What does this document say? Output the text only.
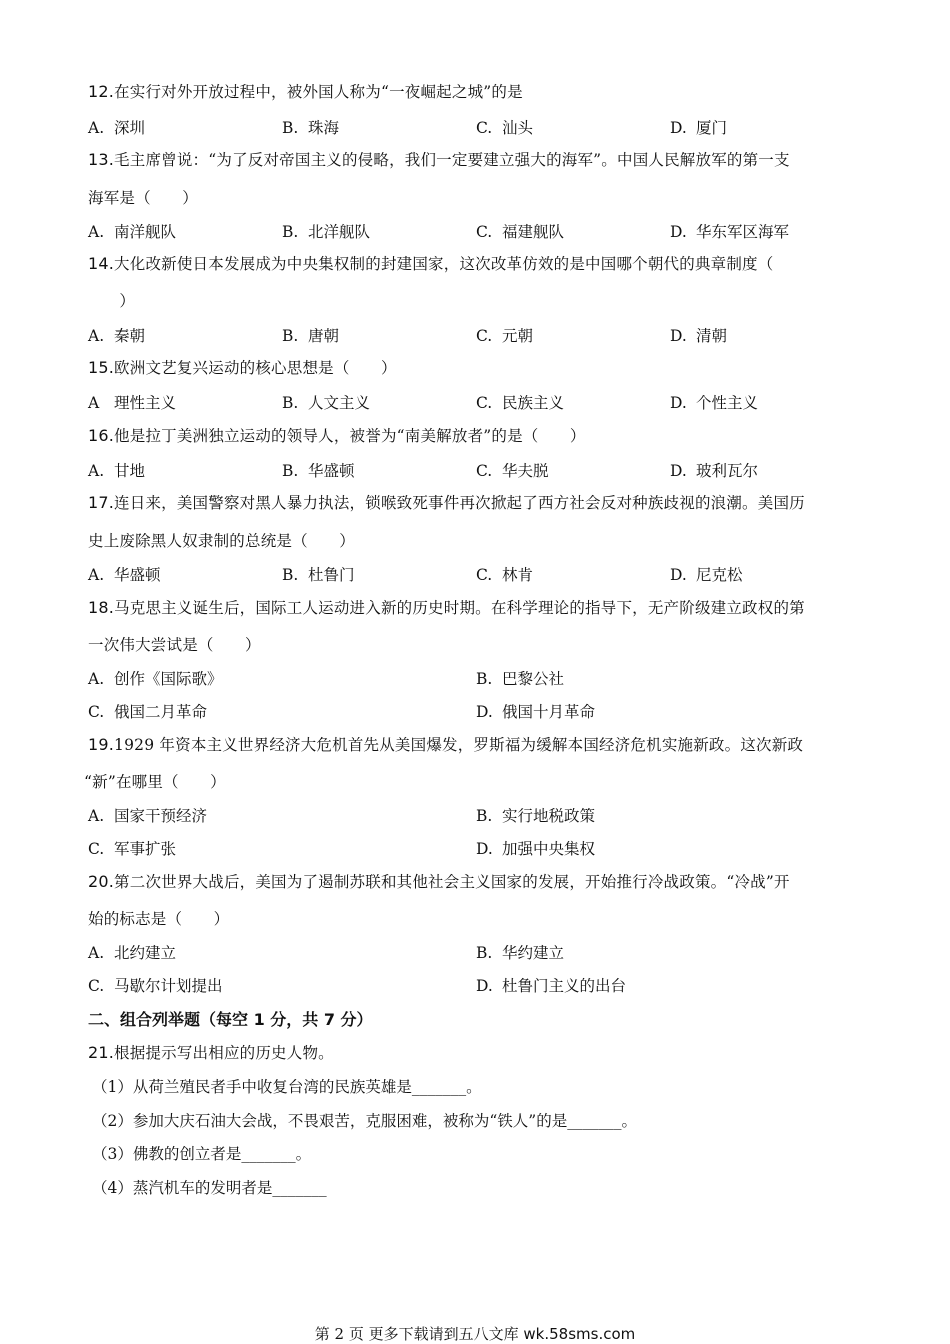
12.在实行对外开放过程中，被外国人称为“一夜崛起之城”的是
A. 深圳	B. 珠海	C. 汕头	D. 厦门
13.毛主席曾说：“为了反对帝国主义的侵略，我们一定要建立强大的海军”。中国人民解放军的第一支
海军是（　　）
A. 南洋舰队	B. 北洋舰队	C. 福建舰队	D. 华东军区海军
14.大化改新使日本发展成为中央集权制的封建国家，这次改革仿效的是中国哪个朝代的典章制度（
　　）
A. 秦朝	B. 唐朝	C. 元朝	D. 清朝
15.欧洲文艺复兴运动的核心思想是（　　）
A 理性主义	B. 人文主义	C. 民族主义	D. 个性主义
16.他是拉丁美洲独立运动的领导人，被誉为“南美解放者”的是（　　）
A. 甘地	B. 华盛顿	C. 华夫脱	D. 玻利瓦尔
17.连日来，美国警察对黑人暴力执法，锁喉致死事件再次掀起了西方社会反对种族歧视的浪潮。美国历
史上废除黑人奴隶制的总统是（　　）
A. 华盛顿	B. 杜鲁门	C. 林肯	D. 尼克松
18.马克思主义诞生后，国际工人运动进入新的历史时期。在科学理论的指导下，无产阶级建立政权的第
一次伟大尝试是（　　）
A. 创作《国际歌》	B. 巴黎公社
C. 俄国二月革命	D. 俄国十月革命
19.1929 年资本主义世界经济大危机首先从美国爆发，罗斯福为缓解本国经济危机实施新政。这次新政
“新”在哪里（　　）
A. 国家干预经济	B. 实行地税政策
C. 军事扩张	D. 加强中央集权
20.第二次世界大战后，美国为了遏制苏联和其他社会主义国家的发展，开始推行冷战政策。“冷战”开
始的标志是（　　）
A. 北约建立	B. 华约建立
C. 马歇尔计划提出	D. 杜鲁门主义的出台
二、组合列举题（每空 1 分，共 7 分）
21.根据提示写出相应的历史人物。
（1）从荷兰殖民者手中收复台湾的民族英雄是_______。
（2）参加大庆石油大会战，不畏艰苦，克服困难，被称为“铁人”的是_______。
（3）佛教的创立者是_______。
（4）蒸汽机车的发明者是_______
第 2 页 更多下载请到五八文库 wk.58sms.com
